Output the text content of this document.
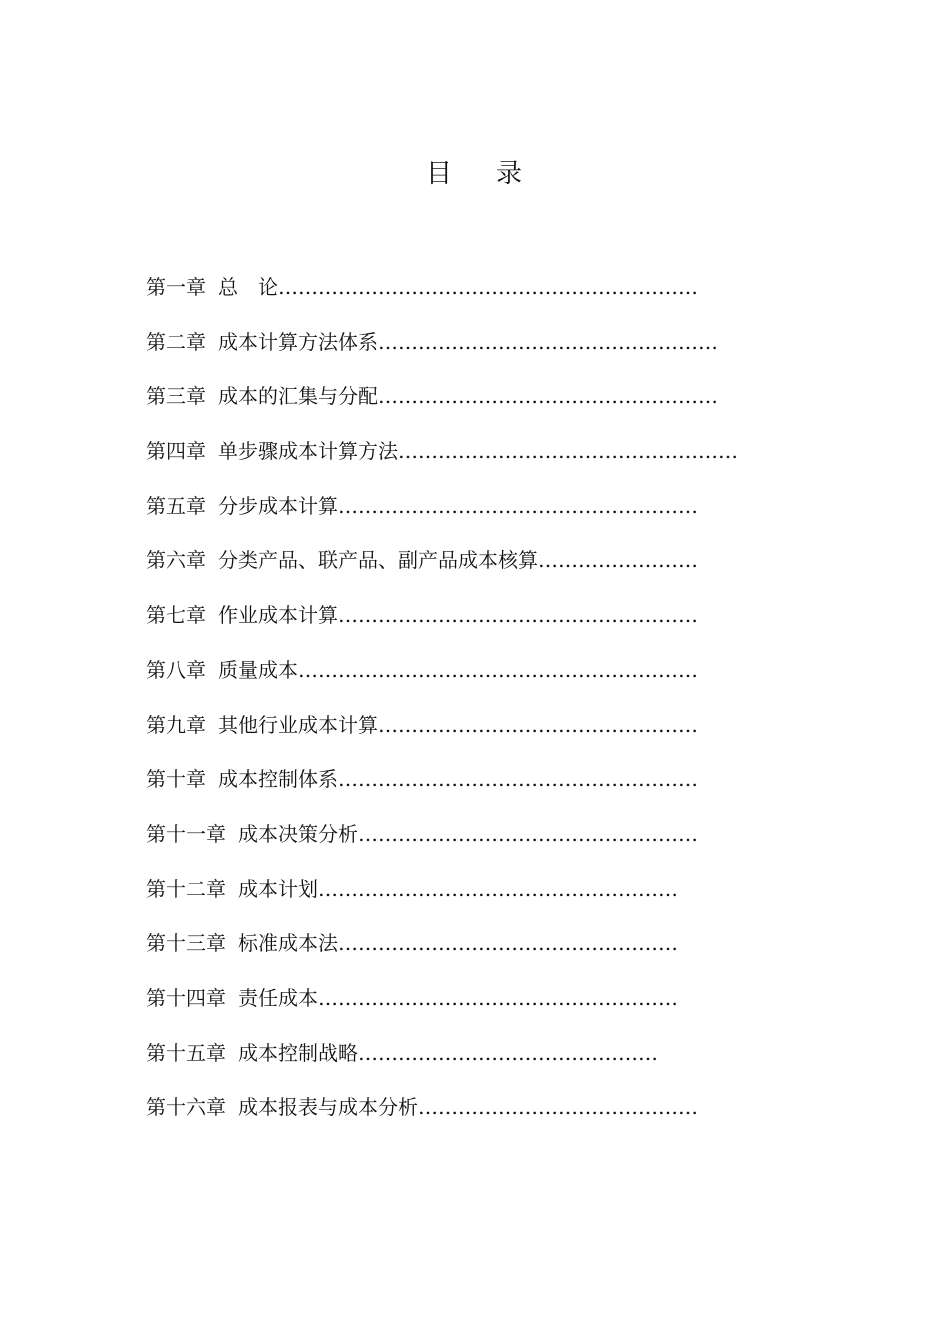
目 录
第一章 总　论………………………………………………………
第二章 成本计算方法体系……………………………………………
第三章 成本的汇集与分配……………………………………………
第四章 单步骤成本计算方法……………………………………………
第五章 分步成本计算………………………………………………
第六章 分类产品、联产品、副产品成本核算……………………
第七章 作业成本计算………………………………………………
第八章 质量成本……………………………………………………
第九章 其他行业成本计算…………………………………………
第十章 成本控制体系………………………………………………
第十一章 成本决策分析……………………………………………
第十二章 成本计划………………………………………………
第十三章 标准成本法……………………………………………
第十四章 责任成本………………………………………………
第十五章 成本控制战略………………………………………
第十六章 成本报表与成本分析……………………………………
